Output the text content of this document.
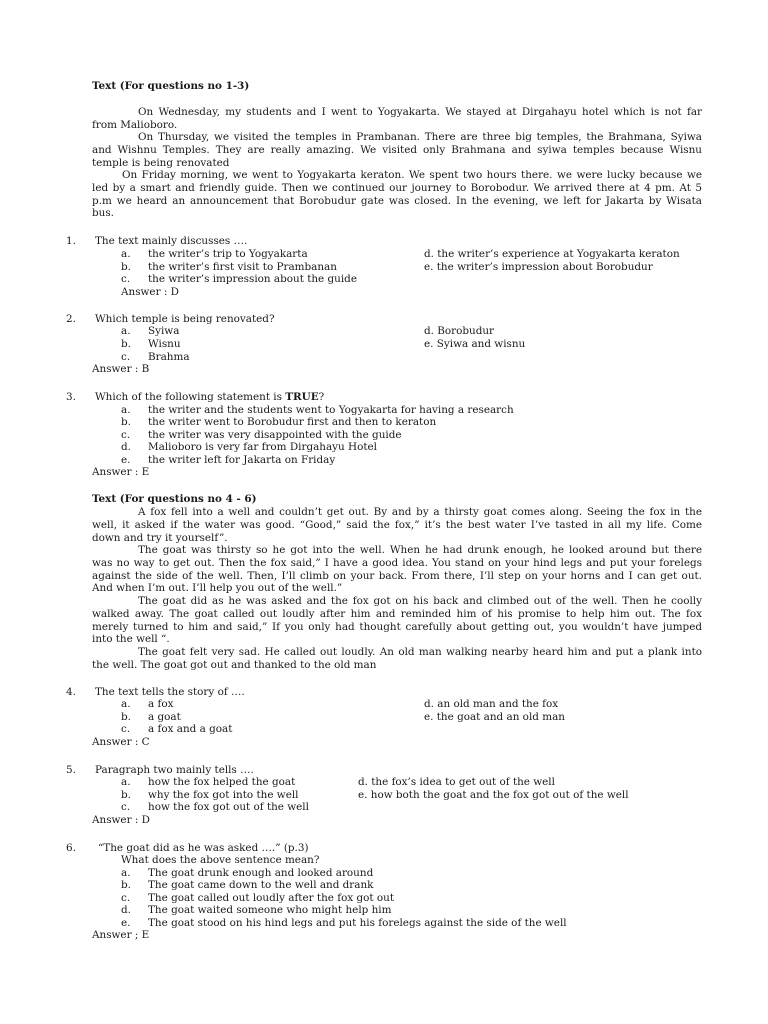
Text (For questions no 1-3)
On Wednesday, my students and I went to Yogyakarta. We stayed at Dirgahayu hotel which is not far
from Malioboro.
On Thursday, we visited the temples in Prambanan. There are three big temples, the Brahmana, Syiwa
and Wishnu Temples. They are really amazing. We visited only Brahmana and syiwa temples because Wisnu
temple is being renovated
On Friday morning, we went to Yogyakarta keraton. We spent two hours there. we were lucky because we
led by a smart and friendly guide. Then we continued our journey to Borobodur. We arrived there at 4 pm. At 5
p.m we heard an announcement that Borobudur gate was closed. In the evening, we left for Jakarta by Wisata
bus.
1. The text mainly discusses ….
a. the writer’s trip to Yogyakarta
b. the writer’s first visit to Prambanan
c. the writer’s impression about the guide
d. the writer’s experience at Yogyakarta keraton
e. the writer’s impression about Borobudur
Answer : D
2. Which temple is being renovated?
a. Syiwa
b. Wisnu
c. Brahma
d. Borobudur
e. Syiwa and wisnu
Answer : B
3. Which of the following statement is TRUE?
a. the writer and the students went to Yogyakarta for having a research
b. the writer went to Borobudur first and then to keraton
c. the writer was very disappointed with the guide
d. Malioboro is very far from Dirgahayu Hotel
e. the writer left for Jakarta on Friday
Answer : E
Text (For questions no 4 - 6)
A fox fell into a well and couldn’t get out. By and by a thirsty goat comes along. Seeing the fox in the
well, it asked if the water was good. “Good,” said the fox,” it’s the best water I’ve tasted in all my life. Come
down and try it yourself”.
The goat was thirsty so he got into the well. When he had drunk enough, he looked around but there
was no way to get out. Then the fox said,” I have a good idea. You stand on your hind legs and put your forelegs
against the side of the well. Then, I’ll climb on your back. From there, I’ll step on your horns and I can get out.
And when I’m out. I’ll help you out of the well.”
The goat did as he was asked and the fox got on his back and climbed out of the well. Then he coolly
walked away. The goat called out loudly after him and reminded him of his promise to help him out. The fox
merely turned to him and said,” If you only had thought carefully about getting out, you wouldn’t have jumped
into the well “.
The goat felt very sad. He called out loudly. An old man walking nearby heard him and put a plank into
the well. The goat got out and thanked to the old man
4. The text tells the story of ….
a. a fox
b. a goat
c. a fox and a goat
d. an old man and the fox
e. the goat and an old man
Answer : C
5. Paragraph two mainly tells ….
a. how the fox helped the goat
b. why the fox got into the well
c. how the fox got out of the well
d. the fox’s idea to get out of the well
e. how both the goat and the fox got out of the well
Answer : D
6. “The goat did as he was asked ….” (p.3)
What does the above sentence mean?
a. The goat drunk enough and looked around
b. The goat came down to the well and drank
c. The goat called out loudly after the fox got out
d. The goat waited someone who might help him
e. The goat stood on his hind legs and put his forelegs against the side of the well
Answer ; E
